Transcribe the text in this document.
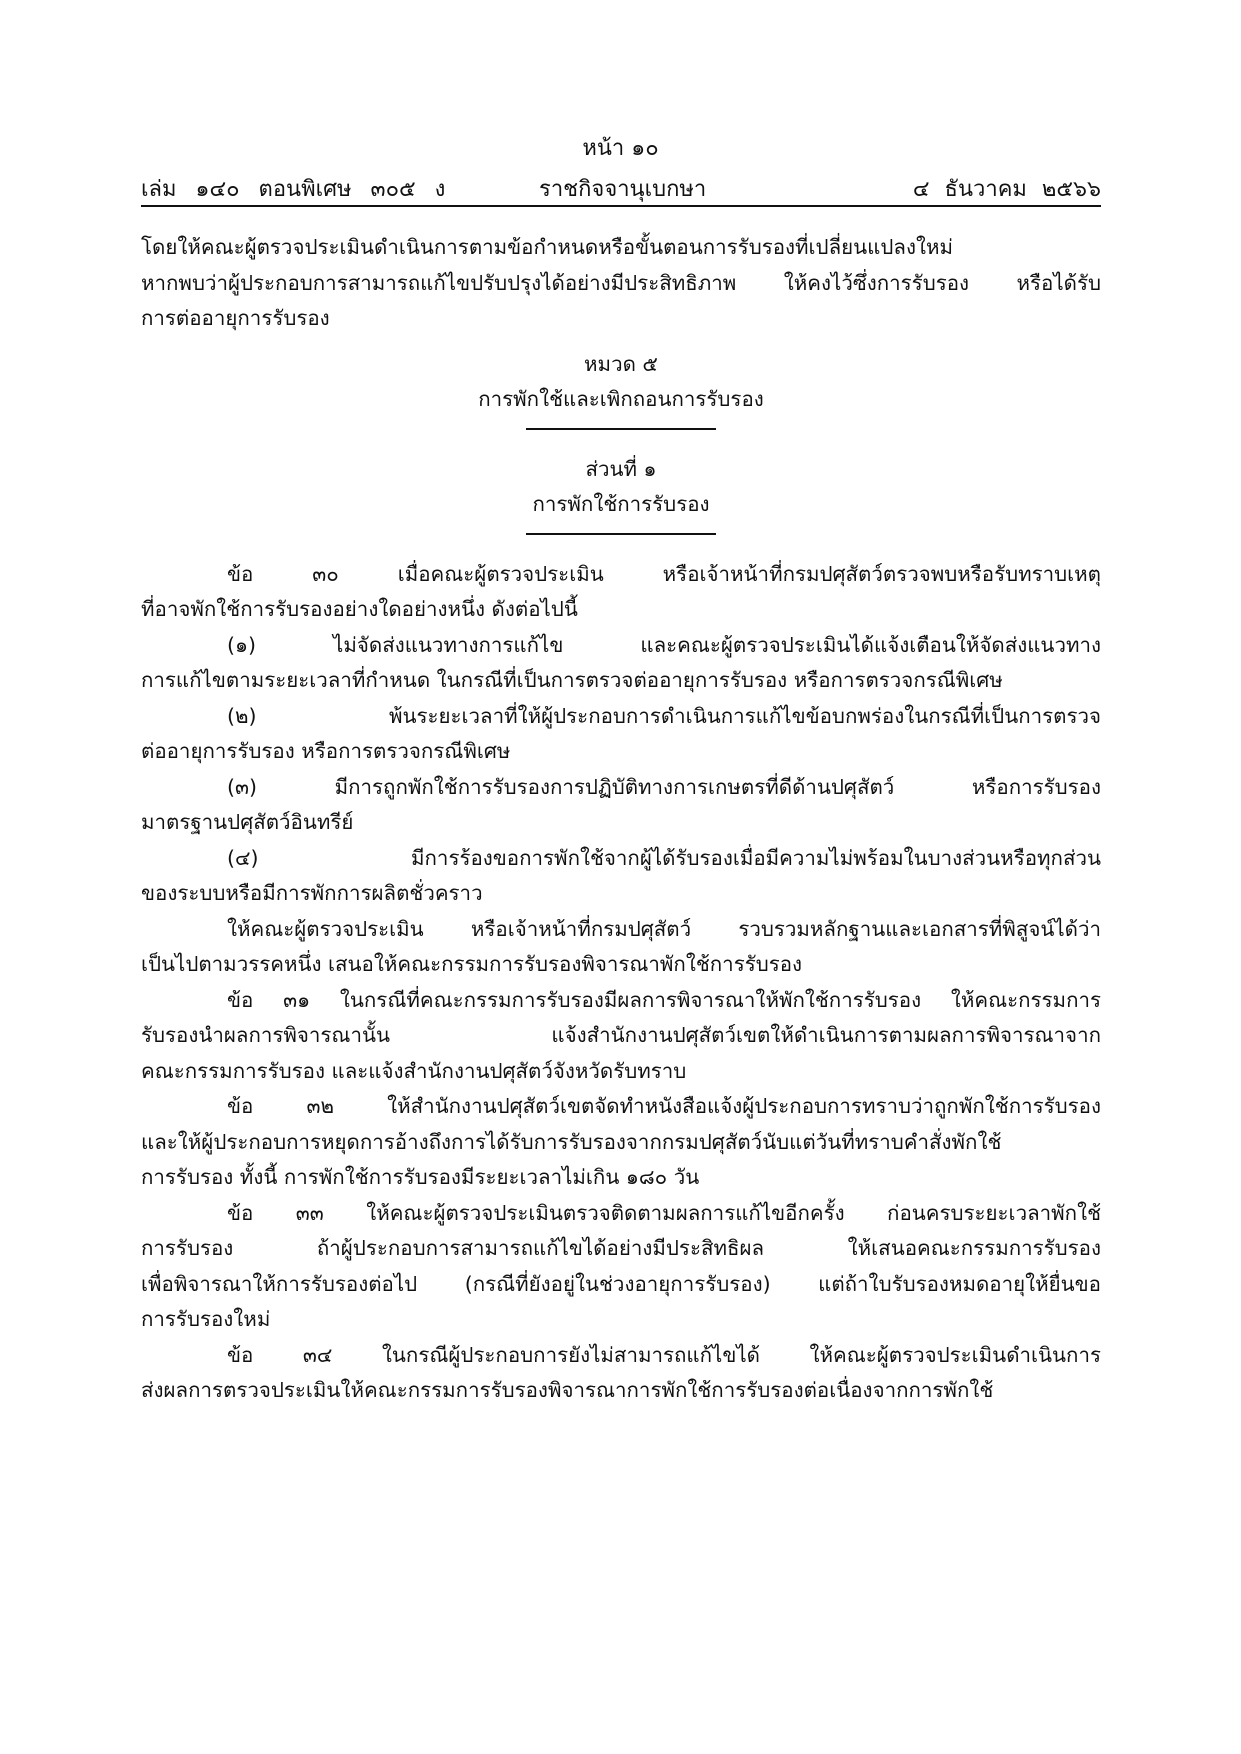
หน้า ๑๐
เล่ม ๑๔๐ ตอนพิเศษ ๓๐๕ ง	ราชกิจจานุเบกษา	๔ ธันวาคม ๒๕๖๖
โดยให้คณะผู้ตรวจประเมินดำเนินการตามข้อกำหนดหรือขั้นตอนการรับรองที่เปลี่ยนแปลงใหม่
หากพบว่าผู้ประกอบการสามารถแก้ไขปรับปรุงได้อย่างมีประสิทธิภาพ ให้คงไว้ซึ่งการรับรอง หรือได้รับ
การต่ออายุการรับรอง
หมวด ๕
การพักใช้และเพิกถอนการรับรอง
ส่วนที่ ๑
การพักใช้การรับรอง
ข้อ ๓๐ เมื่อคณะผู้ตรวจประเมิน หรือเจ้าหน้าที่กรมปศุสัตว์ตรวจพบหรือรับทราบเหตุ
ที่อาจพักใช้การรับรองอย่างใดอย่างหนึ่ง ดังต่อไปนี้
(๑) ไม่จัดส่งแนวทางการแก้ไข และคณะผู้ตรวจประเมินได้แจ้งเตือนให้จัดส่งแนวทาง
การแก้ไขตามระยะเวลาที่กำหนด ในกรณีที่เป็นการตรวจต่ออายุการรับรอง หรือการตรวจกรณีพิเศษ
(๒) พ้นระยะเวลาที่ให้ผู้ประกอบการดำเนินการแก้ไขข้อบกพร่องในกรณีที่เป็นการตรวจ
ต่ออายุการรับรอง หรือการตรวจกรณีพิเศษ
(๓) มีการถูกพักใช้การรับรองการปฏิบัติทางการเกษตรที่ดีด้านปศุสัตว์ หรือการรับรอง
มาตรฐานปศุสัตว์อินทรีย์
(๔) มีการร้องขอการพักใช้จากผู้ได้รับรองเมื่อมีความไม่พร้อมในบางส่วนหรือทุกส่วน
ของระบบหรือมีการพักการผลิตชั่วคราว
ให้คณะผู้ตรวจประเมิน หรือเจ้าหน้าที่กรมปศุสัตว์ รวบรวมหลักฐานและเอกสารที่พิสูจน์ได้ว่า
เป็นไปตามวรรคหนึ่ง เสนอให้คณะกรรมการรับรองพิจารณาพักใช้การรับรอง
ข้อ ๓๑ ในกรณีที่คณะกรรมการรับรองมีผลการพิจารณาให้พักใช้การรับรอง ให้คณะกรรมการ
รับรองนำผลการพิจารณานั้น แจ้งสำนักงานปศุสัตว์เขตให้ดำเนินการตามผลการพิจารณาจาก
คณะกรรมการรับรอง และแจ้งสำนักงานปศุสัตว์จังหวัดรับทราบ
ข้อ ๓๒ ให้สำนักงานปศุสัตว์เขตจัดทำหนังสือแจ้งผู้ประกอบการทราบว่าถูกพักใช้การรับรอง
และให้ผู้ประกอบการหยุดการอ้างถึงการได้รับการรับรองจากกรมปศุสัตว์นับแต่วันที่ทราบคำสั่งพักใช้
การรับรอง ทั้งนี้ การพักใช้การรับรองมีระยะเวลาไม่เกิน ๑๘๐ วัน
ข้อ ๓๓ ให้คณะผู้ตรวจประเมินตรวจติดตามผลการแก้ไขอีกครั้ง ก่อนครบระยะเวลาพักใช้
การรับรอง ถ้าผู้ประกอบการสามารถแก้ไขได้อย่างมีประสิทธิผล ให้เสนอคณะกรรมการรับรอง
เพื่อพิจารณาให้การรับรองต่อไป (กรณีที่ยังอยู่ในช่วงอายุการรับรอง) แต่ถ้าใบรับรองหมดอายุให้ยื่นขอ
การรับรองใหม่
ข้อ ๓๔ ในกรณีผู้ประกอบการยังไม่สามารถแก้ไขได้ ให้คณะผู้ตรวจประเมินดำเนินการ
ส่งผลการตรวจประเมินให้คณะกรรมการรับรองพิจารณาการพักใช้การรับรองต่อเนื่องจากการพักใช้
